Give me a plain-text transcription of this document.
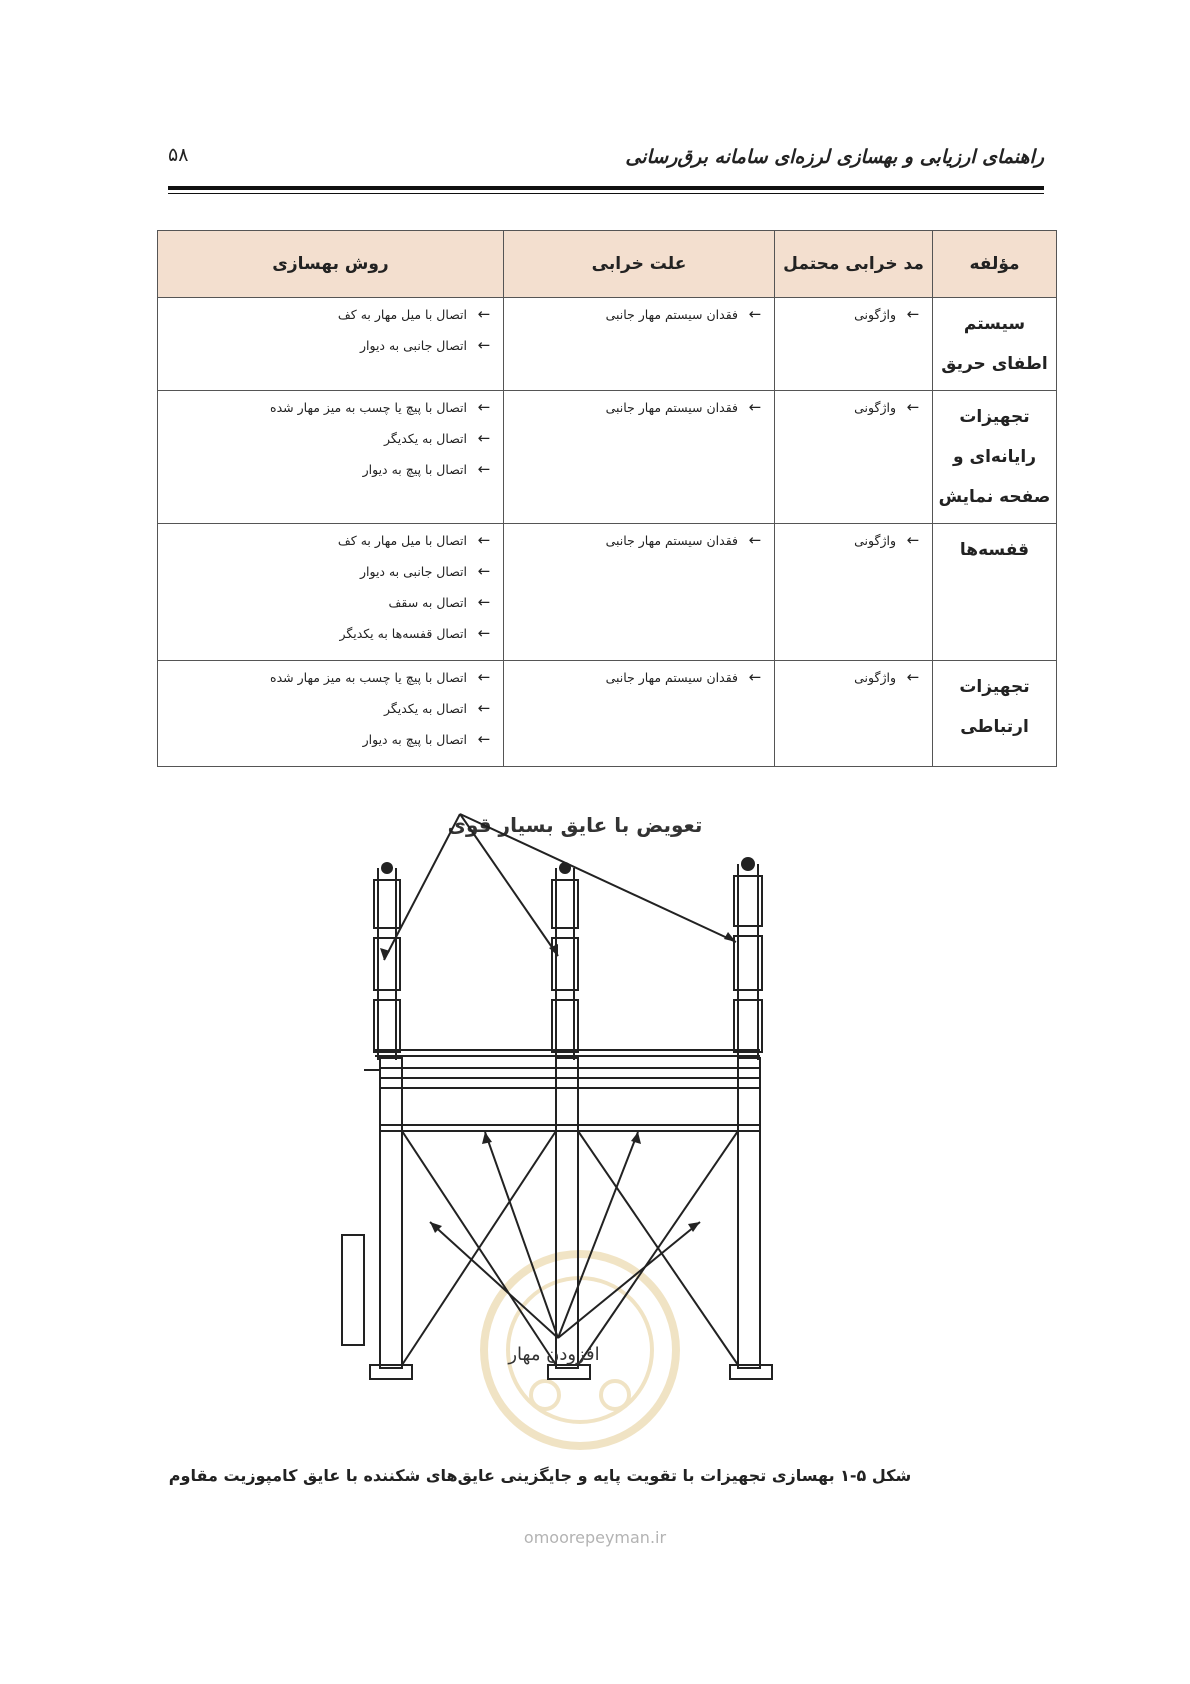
۵۸	راهنمای ارزیابی و بهسازی لرزه‌ای سامانه برق‌رسانی
مؤلفه	مد خرابی محتمل	علت خرابی	روش بهسازی
سیستم اطفای حریق	←واژگونی	←فقدان سیستم مهار جانبی	←اتصال با میل مهار به کف
←اتصال جانبی به دیوار

تجهیزات رایانه‌ای و صفحه نمایش	←واژگونی	←فقدان سیستم مهار جانبی	←اتصال با پیچ یا چسب به میز مهار شده
←اتصال به یکدیگر
←اتصال با پیچ به دیوار

قفسه‌ها	←واژگونی	←فقدان سیستم مهار جانبی	←اتصال با میل مهار به کف
←اتصال جانبی به دیوار
←اتصال به سقف
←اتصال قفسه‌ها به یکدیگر

تجهیزات ارتباطی	←واژگونی	←فقدان سیستم مهار جانبی	←اتصال با پیچ یا چسب به میز مهار شده
←اتصال به یکدیگر
←اتصال با پیچ به دیوار
تعویض با عایق بسیار قوی
افزودن مهار
شکل ۵-۱ بهسازی تجهیزات با تقویت پایه و جایگزینی عایق‌های شکننده با عایق کامپوزیت مقاوم
omoorepeyman.ir
